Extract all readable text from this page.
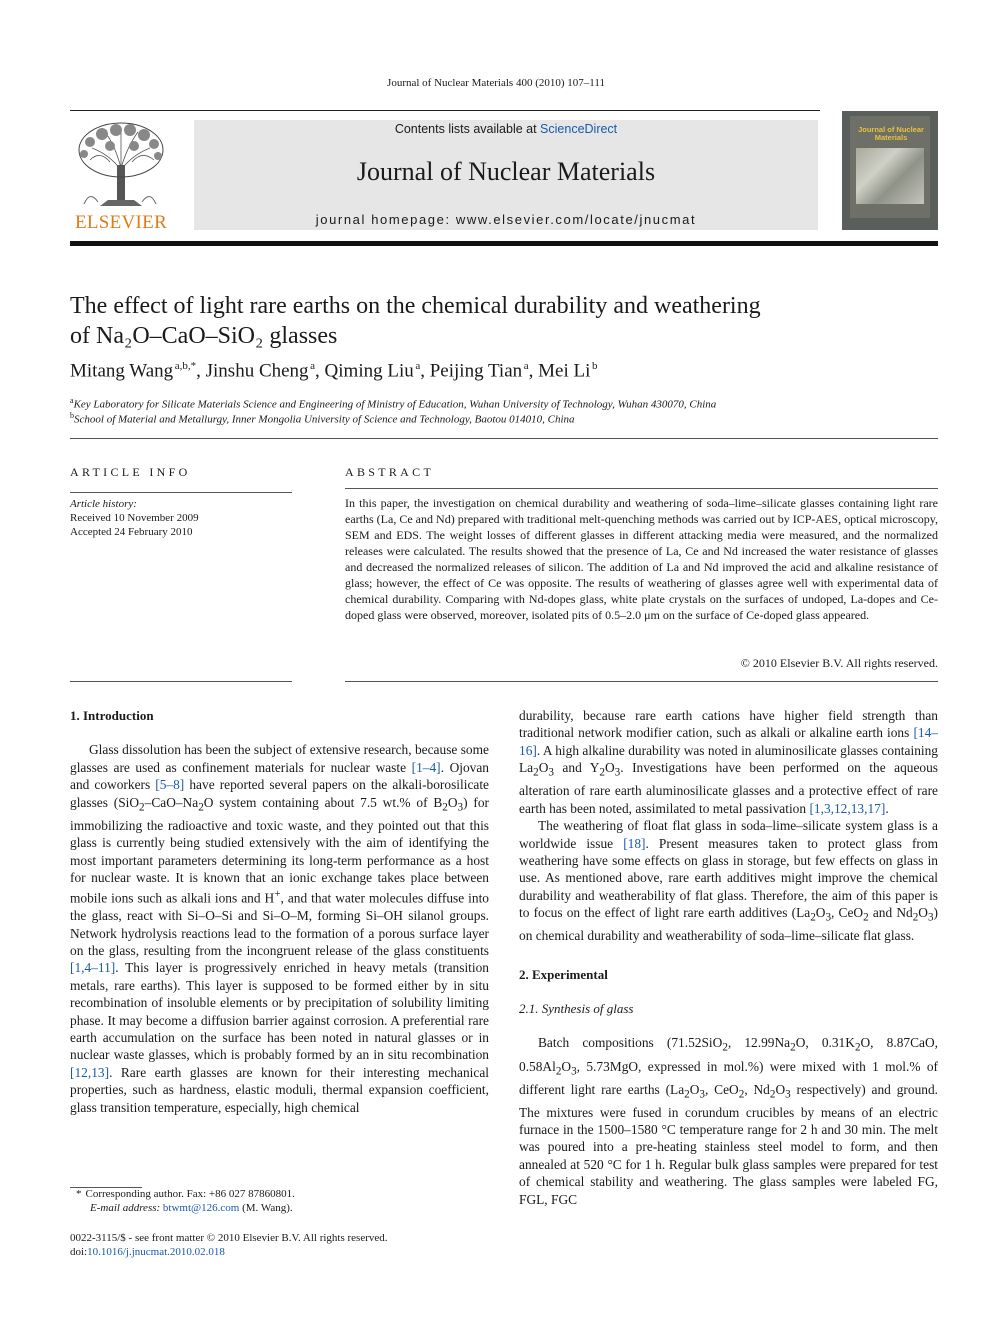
Journal of Nuclear Materials 400 (2010) 107–111
ELSEVIER
Contents lists available at ScienceDirect
Journal of Nuclear Materials
journal homepage: www.elsevier.com/locate/jnucmat
Journal of Nuclear Materials
The effect of light rare earths on the chemical durability and weathering
of Na₂O–CaO–SiO₂ glasses
Mitang Wang  $^{a,b,*}$, Jinshu Cheng  $^a$, Qiming Liu  $^a$, Peijing Tian  $^a$, Mei Li  $^b$
$^a$Key Laboratory for Silicate Materials Science and Engineering of Ministry of Education, Wuhan University of Technology, Wuhan 430070, China
$^b$School of Material and Metallurgy, Inner Mongolia University of Science and Technology, Baotou 014010, China
ARTICLE INFO
Article history:
Received 10 November 2009
Accepted 24 February 2010
ABSTRACT
In this paper, the investigation on chemical durability and weathering of soda–lime–silicate glasses containing light rare earths (La, Ce and Nd) prepared with traditional melt-quenching methods was carried out by ICP-AES, optical microscopy, SEM and EDS. The weight losses of different glasses in different attacking media were measured, and the normalized releases were calculated. The results showed that the presence of La, Ce and Nd increased the water resistance of glasses and decreased the normalized releases of silicon. The addition of La and Nd improved the acid and alkaline resistance of glass; however, the effect of Ce was opposite. The results of weathering of glasses agree well with experimental data of chemical durability. Comparing with Nd-dopes glass, white plate crystals on the surfaces of undoped, La-dopes and Ce-doped glass were observed, moreover, isolated pits of 0.5–2.0 μm on the surface of Ce-doped glass appeared.
© 2010 Elsevier B.V. All rights reserved.
1. Introduction

Glass dissolution has been the subject of extensive research, because some glasses are used as confinement materials for nuclear waste [1–4]. Ojovan and coworkers [5–8] have reported several papers on the alkali-borosilicate glasses ($SiO_2-CaO-Na_2O$ system containing about 7.5 wt.% of $B_2O_3$) for immobilizing the radioactive and toxic waste, and they pointed out that this glass is currently being studied extensively with the aim of identifying the most important parameters determining its long-term performance as a host for nuclear waste. It is known that an ionic exchange takes place between mobile ions such as alkali ions and H+, and that water molecules diffuse into the glass, react with Si–O–Si and Si–O–M, forming Si–OH silanol groups. Network hydrolysis reactions lead to the formation of a porous surface layer on the glass, resulting from the incongruent release of the glass constituents [1,4–11]. This layer is progressively enriched in heavy metals (transition metals, rare earths). This layer is supposed to be formed either by in situ recombination of insoluble elements or by precipitation of solubility limiting phase. It may become a diffusion barrier against corrosion. A preferential rare earth accumulation on the surface has been noted in natural glasses or in nuclear waste glasses, which is probably formed by an in situ recombination [12,13]. Rare earth glasses are known for their interesting mechanical properties, such as hardness, elastic moduli, thermal expansion coefficient, glass transition temperature, especially, high chemical

* Corresponding author. Fax: +86 027 87860801.
E-mail address: btwmt@126.com (M. Wang).
0022-3115/$ - see front matter © 2010 Elsevier B.V. All rights reserved.
doi:10.1016/j.jnucmat.2010.02.018

durability, because rare earth cations have higher field strength than traditional network modifier cation, such as alkali or alkaline earth ions [14–16]. A high alkaline durability was noted in aluminosilicate glasses containing $La_2O_3$ and $Y_2O_3$. Investigations have been performed on the aqueous alteration of rare earth aluminosilicate glasses and a protective effect of rare earth has been noted, assimilated to metal passivation [1,3,12,13,17].

The weathering of float flat glass in soda–lime–silicate system glass is a worldwide issue [18]. Present measures taken to protect glass from weathering have some effects on glass in storage, but few effects on glass in use. As mentioned above, rare earth additives might improve the chemical durability and weatherability of flat glass. Therefore, the aim of this paper is to focus on the effect of light rare earth additives ($La_2O_3$, CeO$_2$ and $Nd_2O_3$) on chemical durability and weatherability of soda–lime–silicate flat glass.

2. Experimental
2.1. Synthesis of glass

Batch compositions (71.52SiO$_2$, $12.99Na_2O$, $0.31K_2O$, 8.87CaO, $0.58Al_2O_3$, 5.73MgO, expressed in mol.%) were mixed with 1 mol.% of different light rare earths ($La_2O_3$, CeO$_2$, $Nd_2O_3$ respectively) and ground. The mixtures were fused in corundum crucibles by means of an electric furnace in the 1500–1580 °C temperature range for 2 h and 30 min. The melt was poured into a pre-heating stainless steel model to form, and then annealed at 520 °C for 1 h. Regular bulk glass samples were prepared for test of chemical stability and weathering. The glass samples were labeled FG, FGL, FGC
